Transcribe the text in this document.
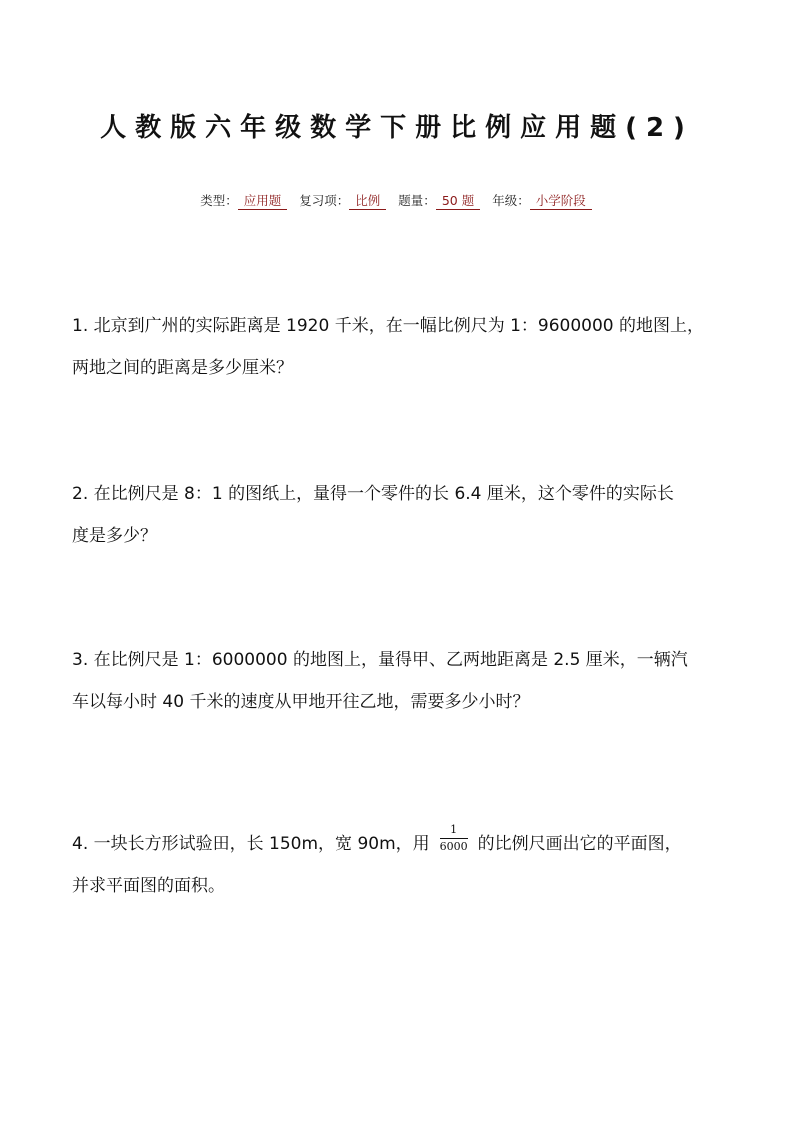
人教版六年级数学下册比例应用题(2)
类型： 应用题 复习项： 比例 题量： 50 题 年级： 小学阶段

1. 北京到广州的实际距离是 1920 千米，在一幅比例尺为 1：9600000 的地图上，

两地之间的距离是多少厘米？

2. 在比例尺是 8：1 的图纸上，量得一个零件的长 6.4 厘米，这个零件的实际长

度是多少？

3. 在比例尺是 1：6000000 的地图上，量得甲、乙两地距离是 2.5 厘米，一辆汽

车以每小时 40 千米的速度从甲地开往乙地，需要多少小时？

4. 一块长方形试验田，长 150m，宽 90m，用 $\frac{1}{6000}$ 的比例尺画出它的平面图，

并求平面图的面积。
